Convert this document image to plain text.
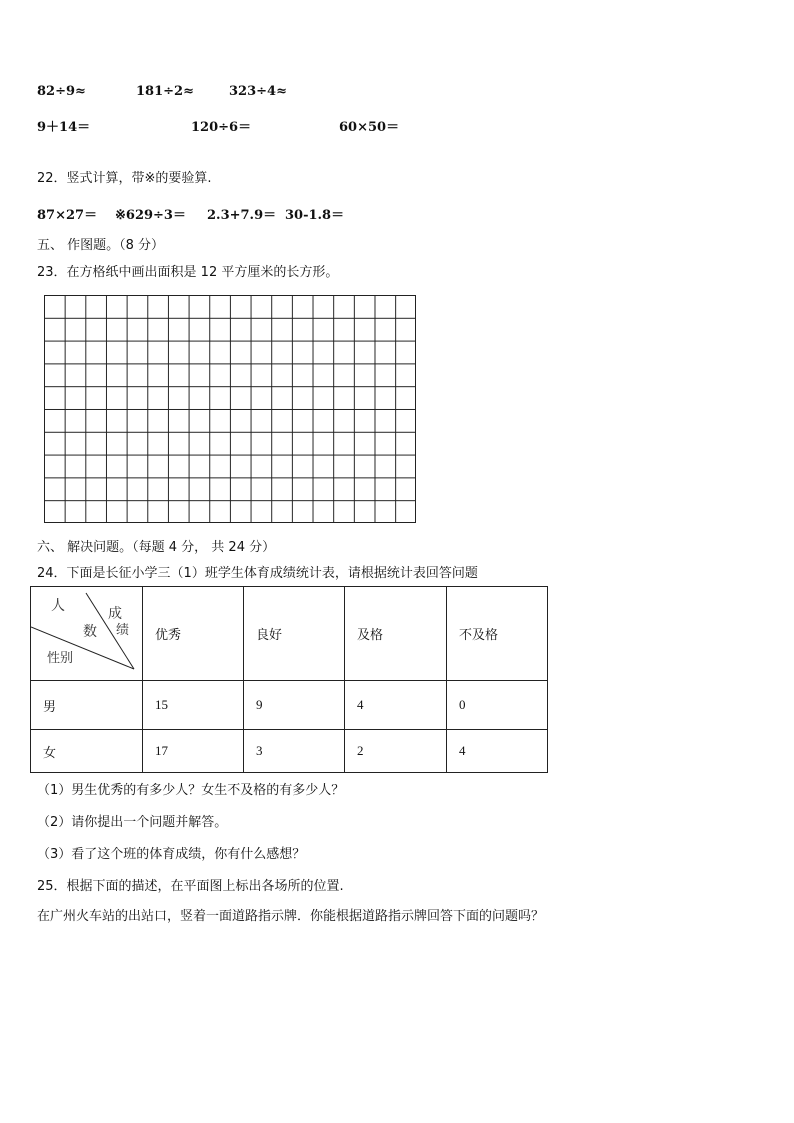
82÷9≈	181÷2≈	323÷4≈
9＋14＝	120÷6＝	60×50＝
22．竖式计算，带※的要验算.
87×27＝ ※629÷3＝ 2.3+7.9＝ 30-1.8＝
五、 作图题。（8 分）
23．在方格纸中画出面积是 12 平方厘米的长方形。
六、 解决问题。（每题 4 分， 共 24 分）
24．下面是长征小学三（1）班学生体育成绩统计表，请根据统计表回答问题
人
数
成
绩
性别	优秀	良好	及格	不及格
男	15	9	4	0
女	17	3	2	4
（1）男生优秀的有多少人？女生不及格的有多少人？
（2）请你提出一个问题并解答。
（3）看了这个班的体育成绩，你有什么感想？
25．根据下面的描述，在平面图上标出各场所的位置.
在广州火车站的出站口，竖着一面道路指示牌．你能根据道路指示牌回答下面的问题吗？
